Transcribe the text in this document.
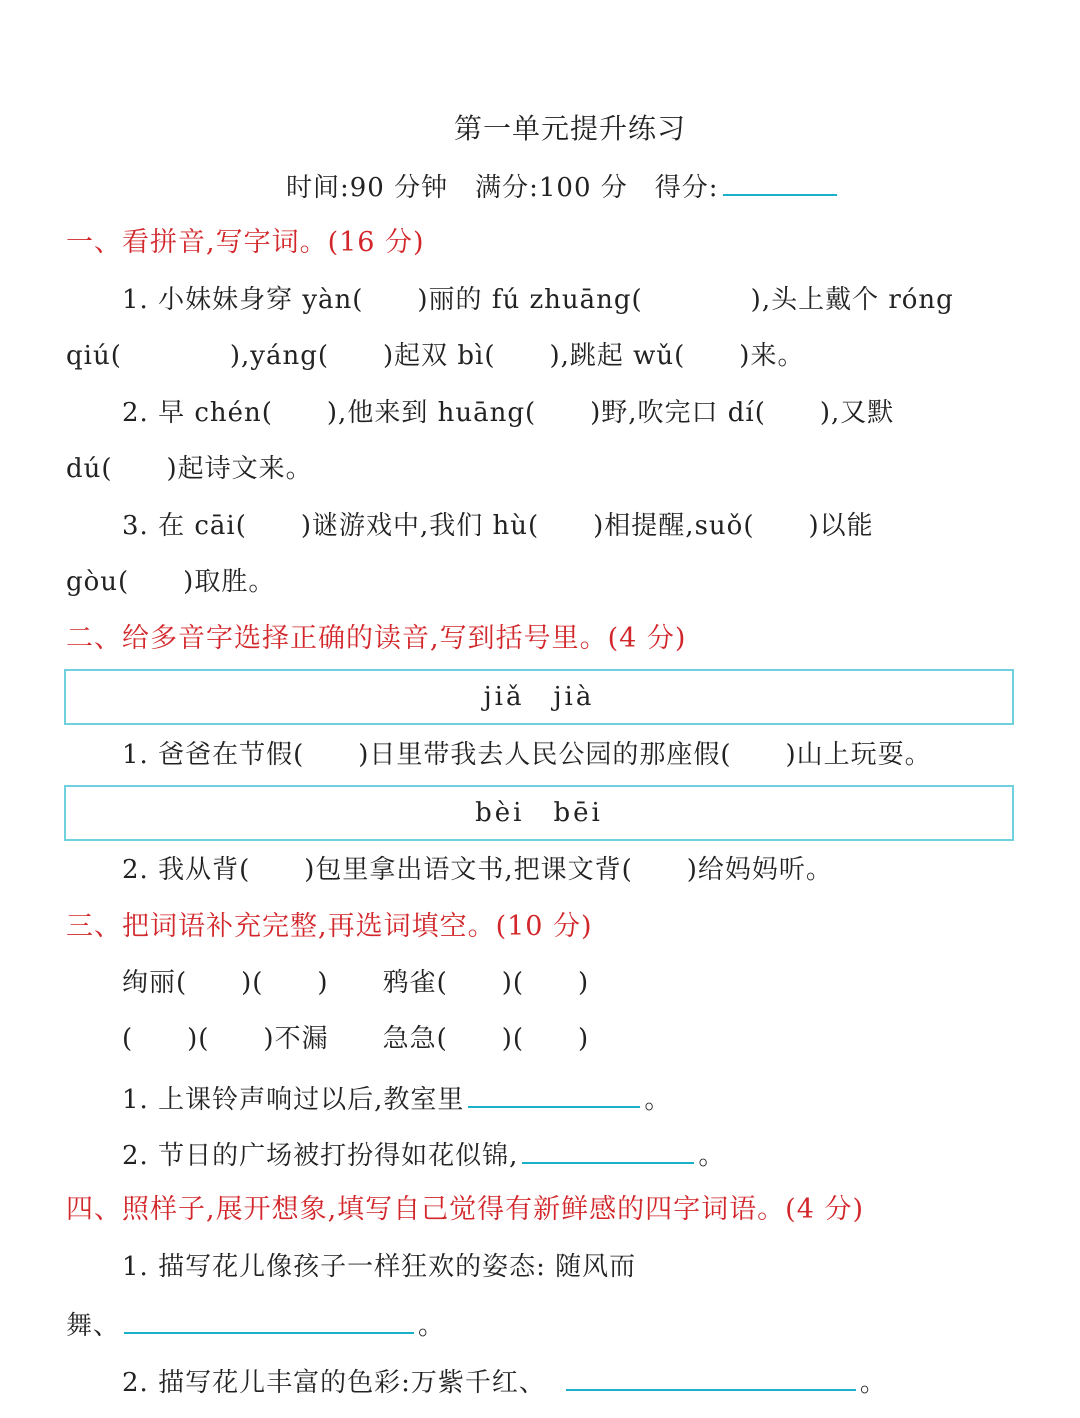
第一单元提升练习
时间:90 分钟　满分:100 分　得分:
一、看拼音,写字词。(16 分)
1. 小妹妹身穿 yàn(　　)丽的 fú zhuāng(　　　　),头上戴个 róng
qiú(　　　　),yáng(　　)起双 bì(　　),跳起 wǔ(　　)来。
2. 早 chén(　　),他来到 huāng(　　)野,吹完口 dí(　　),又默
dú(　　)起诗文来。
3. 在 cāi(　　)谜游戏中,我们 hù(　　)相提醒,suǒ(　　)以能
gòu(　　)取胜。
二、给多音字选择正确的读音,写到括号里。(4 分)
jiǎ　jià
1. 爸爸在节假(　　)日里带我去人民公园的那座假(　　)山上玩耍。
bèi　bēi
2. 我从背(　　)包里拿出语文书,把课文背(　　)给妈妈听。
三、把词语补充完整,再选词填空。(10 分)
绚丽(　　)(　　)　　鸦雀(　　)(　　)
(　　)(　　)不漏　　急急(　　)(　　)
1. 上课铃声响过以后,教室里	。
2. 节日的广场被打扮得如花似锦,	。
四、照样子,展开想象,填写自己觉得有新鲜感的四字词语。(4 分)
1. 描写花儿像孩子一样狂欢的姿态: 随风而
舞、	。
2. 描写花儿丰富的色彩:万紫千红、	。
